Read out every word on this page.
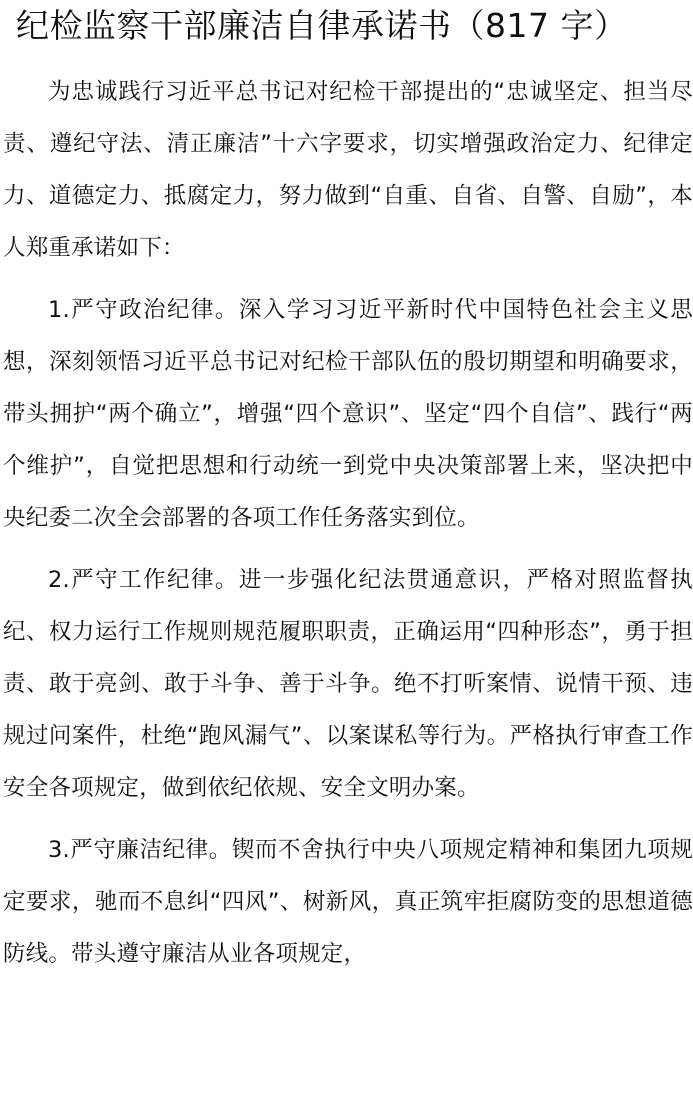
纪检监察干部廉洁自律承诺书（817 字）

为忠诚践行习近平总书记对纪检干部提出的“忠诚坚定、担当尽责、遵纪守法、清正廉洁”十六字要求，切实增强政治定力、纪律定力、道德定力、抵腐定力，努力做到“自重、自省、自警、自励”，本人郑重承诺如下：

1.严守政治纪律。深入学习习近平新时代中国特色社会主义思想，深刻领悟习近平总书记对纪检干部队伍的殷切期望和明确要求，带头拥护“两个确立”，增强“四个意识”、坚定“四个自信”、践行“两个维护”，自觉把思想和行动统一到党中央决策部署上来，坚决把中央纪委二次全会部署的各项工作任务落实到位。

2.严守工作纪律。进一步强化纪法贯通意识，严格对照监督执纪、权力运行工作规则规范履职职责，正确运用“四种形态”，勇于担责、敢于亮剑、敢于斗争、善于斗争。绝不打听案情、说情干预、违规过问案件，杜绝“跑风漏气”、以案谋私等行为。严格执行审查工作安全各项规定，做到依纪依规、安全文明办案。

3.严守廉洁纪律。锲而不舍执行中央八项规定精神和集团九项规定要求，驰而不息纠“四风”、树新风，真正筑牢拒腐防变的思想道德防线。带头遵守廉洁从业各项规定，
